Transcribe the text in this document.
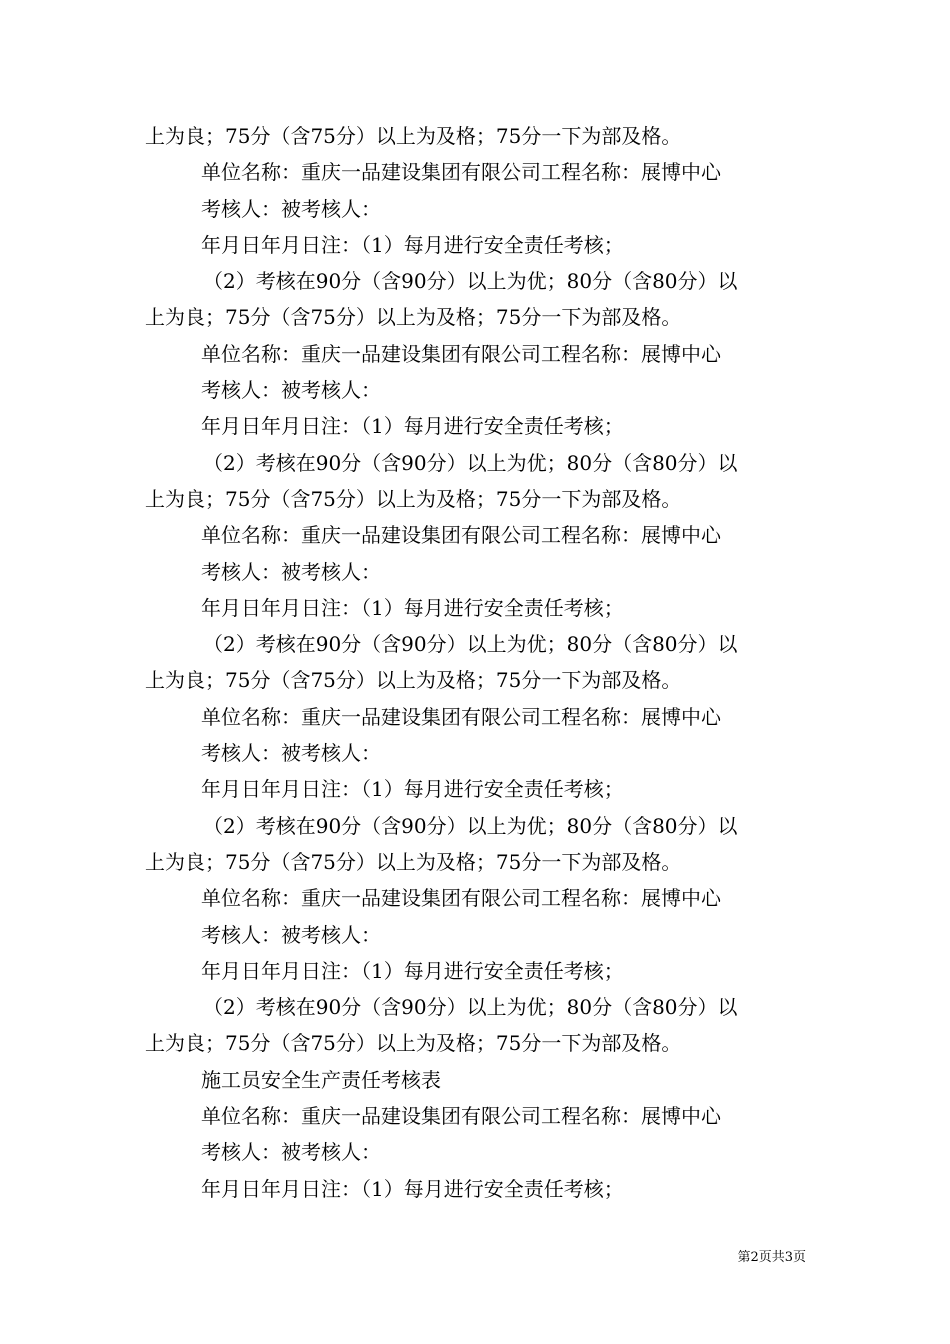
上为良；75分（含75分）以上为及格；75分一下为部及格。
单位名称：重庆一品建设集团有限公司工程名称：展博中心
考核人：被考核人：
年月日年月日注：（1）每月进行安全责任考核；
（2）考核在90分（含90分）以上为优；80分（含80分）以
上为良；75分（含75分）以上为及格；75分一下为部及格。
单位名称：重庆一品建设集团有限公司工程名称：展博中心
考核人：被考核人：
年月日年月日注：（1）每月进行安全责任考核；
（2）考核在90分（含90分）以上为优；80分（含80分）以
上为良；75分（含75分）以上为及格；75分一下为部及格。
单位名称：重庆一品建设集团有限公司工程名称：展博中心
考核人：被考核人：
年月日年月日注：（1）每月进行安全责任考核；
（2）考核在90分（含90分）以上为优；80分（含80分）以
上为良；75分（含75分）以上为及格；75分一下为部及格。
单位名称：重庆一品建设集团有限公司工程名称：展博中心
考核人：被考核人：
年月日年月日注：（1）每月进行安全责任考核；
（2）考核在90分（含90分）以上为优；80分（含80分）以
上为良；75分（含75分）以上为及格；75分一下为部及格。
单位名称：重庆一品建设集团有限公司工程名称：展博中心
考核人：被考核人：
年月日年月日注：（1）每月进行安全责任考核；
（2）考核在90分（含90分）以上为优；80分（含80分）以
上为良；75分（含75分）以上为及格；75分一下为部及格。
施工员安全生产责任考核表
单位名称：重庆一品建设集团有限公司工程名称：展博中心
考核人：被考核人：
年月日年月日注：（1）每月进行安全责任考核；
第2页共3页
